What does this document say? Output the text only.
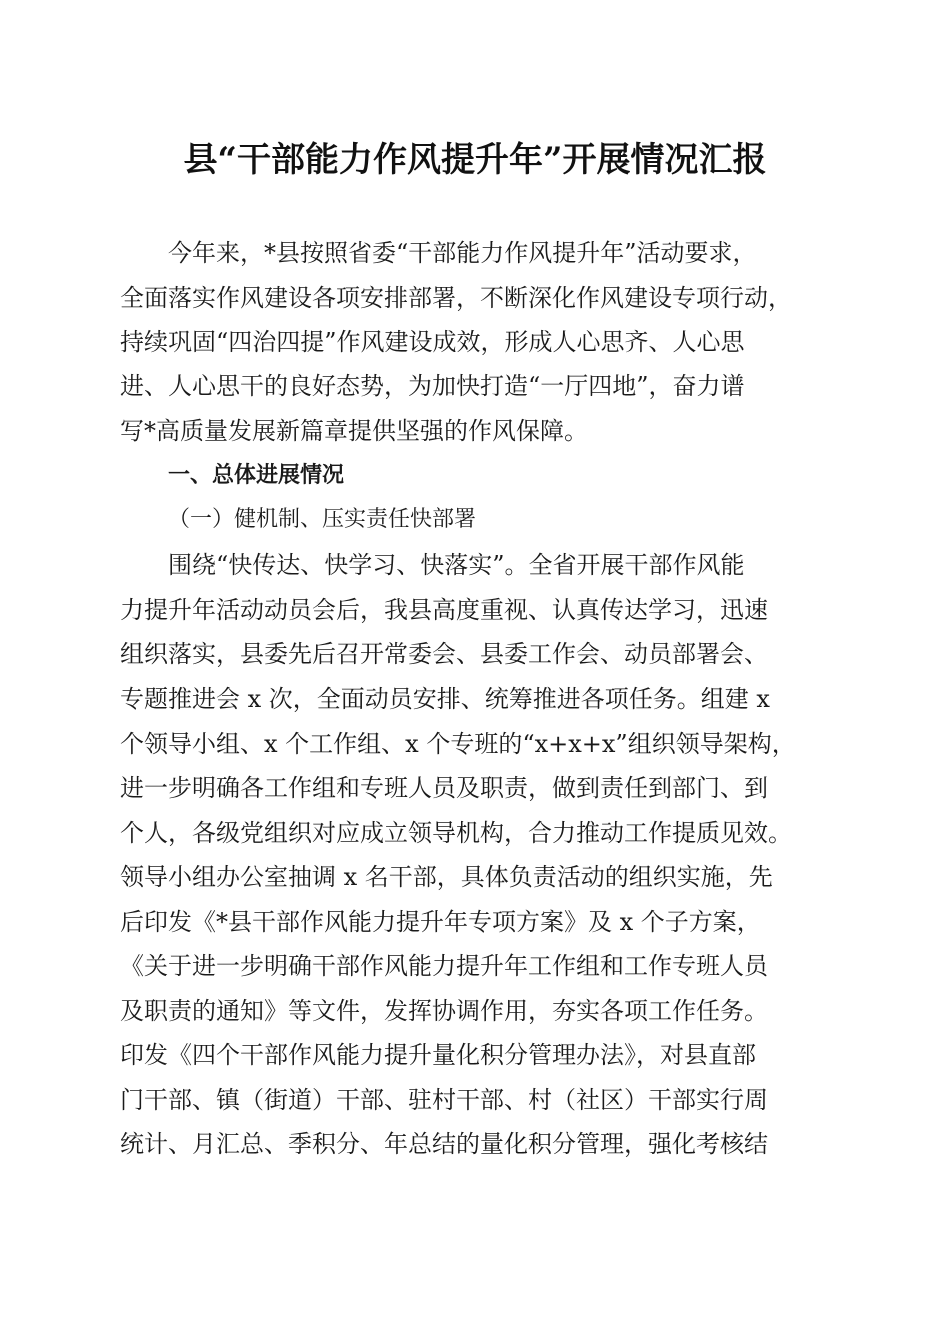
县“干部能力作风提升年”开展情况汇报
今年来，*县按照省委“干部能力作风提升年”活动要求，
全面落实作风建设各项安排部署，不断深化作风建设专项行动，
持续巩固“四治四提”作风建设成效，形成人心思齐、人心思
进、人心思干的良好态势，为加快打造“一厅四地”，奋力谱
写*高质量发展新篇章提供坚强的作风保障。
一、总体进展情况
（一）健机制、压实责任快部署
围绕“快传达、快学习、快落实”。全省开展干部作风能
力提升年活动动员会后，我县高度重视、认真传达学习，迅速
组织落实，县委先后召开常委会、县委工作会、动员部署会、
专题推进会 x 次，全面动员安排、统筹推进各项任务。组建 x
个领导小组、x 个工作组、x 个专班的“x+x+x”组织领导架构，
进一步明确各工作组和专班人员及职责，做到责任到部门、到
个人，各级党组织对应成立领导机构，合力推动工作提质见效。
领导小组办公室抽调 x 名干部，具体负责活动的组织实施，先
后印发《*县干部作风能力提升年专项方案》及 x 个子方案，
《关于进一步明确干部作风能力提升年工作组和工作专班人员
及职责的通知》等文件，发挥协调作用，夯实各项工作任务。
印发《四个干部作风能力提升量化积分管理办法》，对县直部
门干部、镇（街道）干部、驻村干部、村（社区）干部实行周
统计、月汇总、季积分、年总结的量化积分管理，强化考核结
